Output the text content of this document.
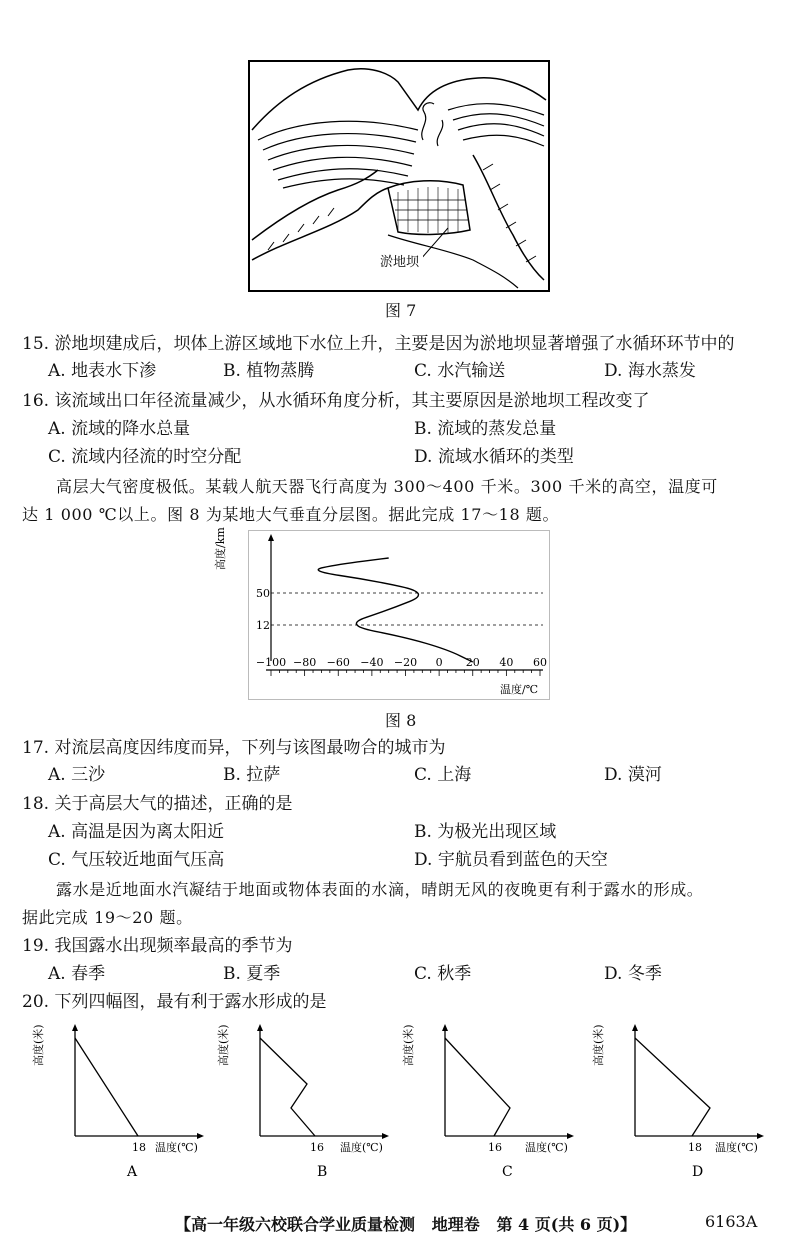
淤地坝
图 7
15. 淤地坝建成后，坝体上游区域地下水位上升，主要是因为淤地坝显著增强了水循环环节中的
A. 地表水下渗	B. 植物蒸腾	C. 水汽输送	D. 海水蒸发
16. 该流域出口年径流量减少，从水循环角度分析，其主要原因是淤地坝工程改变了
A. 流域的降水总量	B. 流域的蒸发总量
C. 流域内径流的时空分配	D. 流域水循环的类型
高层大气密度极低。某载人航天器飞行高度为 300～400 千米。300 千米的高空，温度可
达 1 000 ℃以上。图 8 为某地大气垂直分层图。据此完成 17～18 题。
高度/km
−100 −80 −60 −40 −20 0 20 40 60
温度/℃
50
12
图 8
17. 对流层高度因纬度而异，下列与该图最吻合的城市为
A. 三沙	B. 拉萨	C. 上海	D. 漠河
18. 关于高层大气的描述，正确的是
A. 高温是因为离太阳近	B. 为极光出现区域
C. 气压较近地面气压高	D. 宇航员看到蓝色的天空
露水是近地面水汽凝结于地面或物体表面的水滴，晴朗无风的夜晚更有利于露水的形成。
据此完成 19～20 题。
19. 我国露水出现频率最高的季节为
A. 春季	B. 夏季	C. 秋季	D. 冬季
20. 下列四幅图，最有利于露水形成的是
高度(米)
18 温度(℃)
A
高度(米)
16 温度(℃)
B
高度(米)
16 温度(℃)
C
高度(米)
18 温度(℃)
D
【高一年级六校联合学业质量检测 地理卷 第 4 页(共 6 页)】	6163A
